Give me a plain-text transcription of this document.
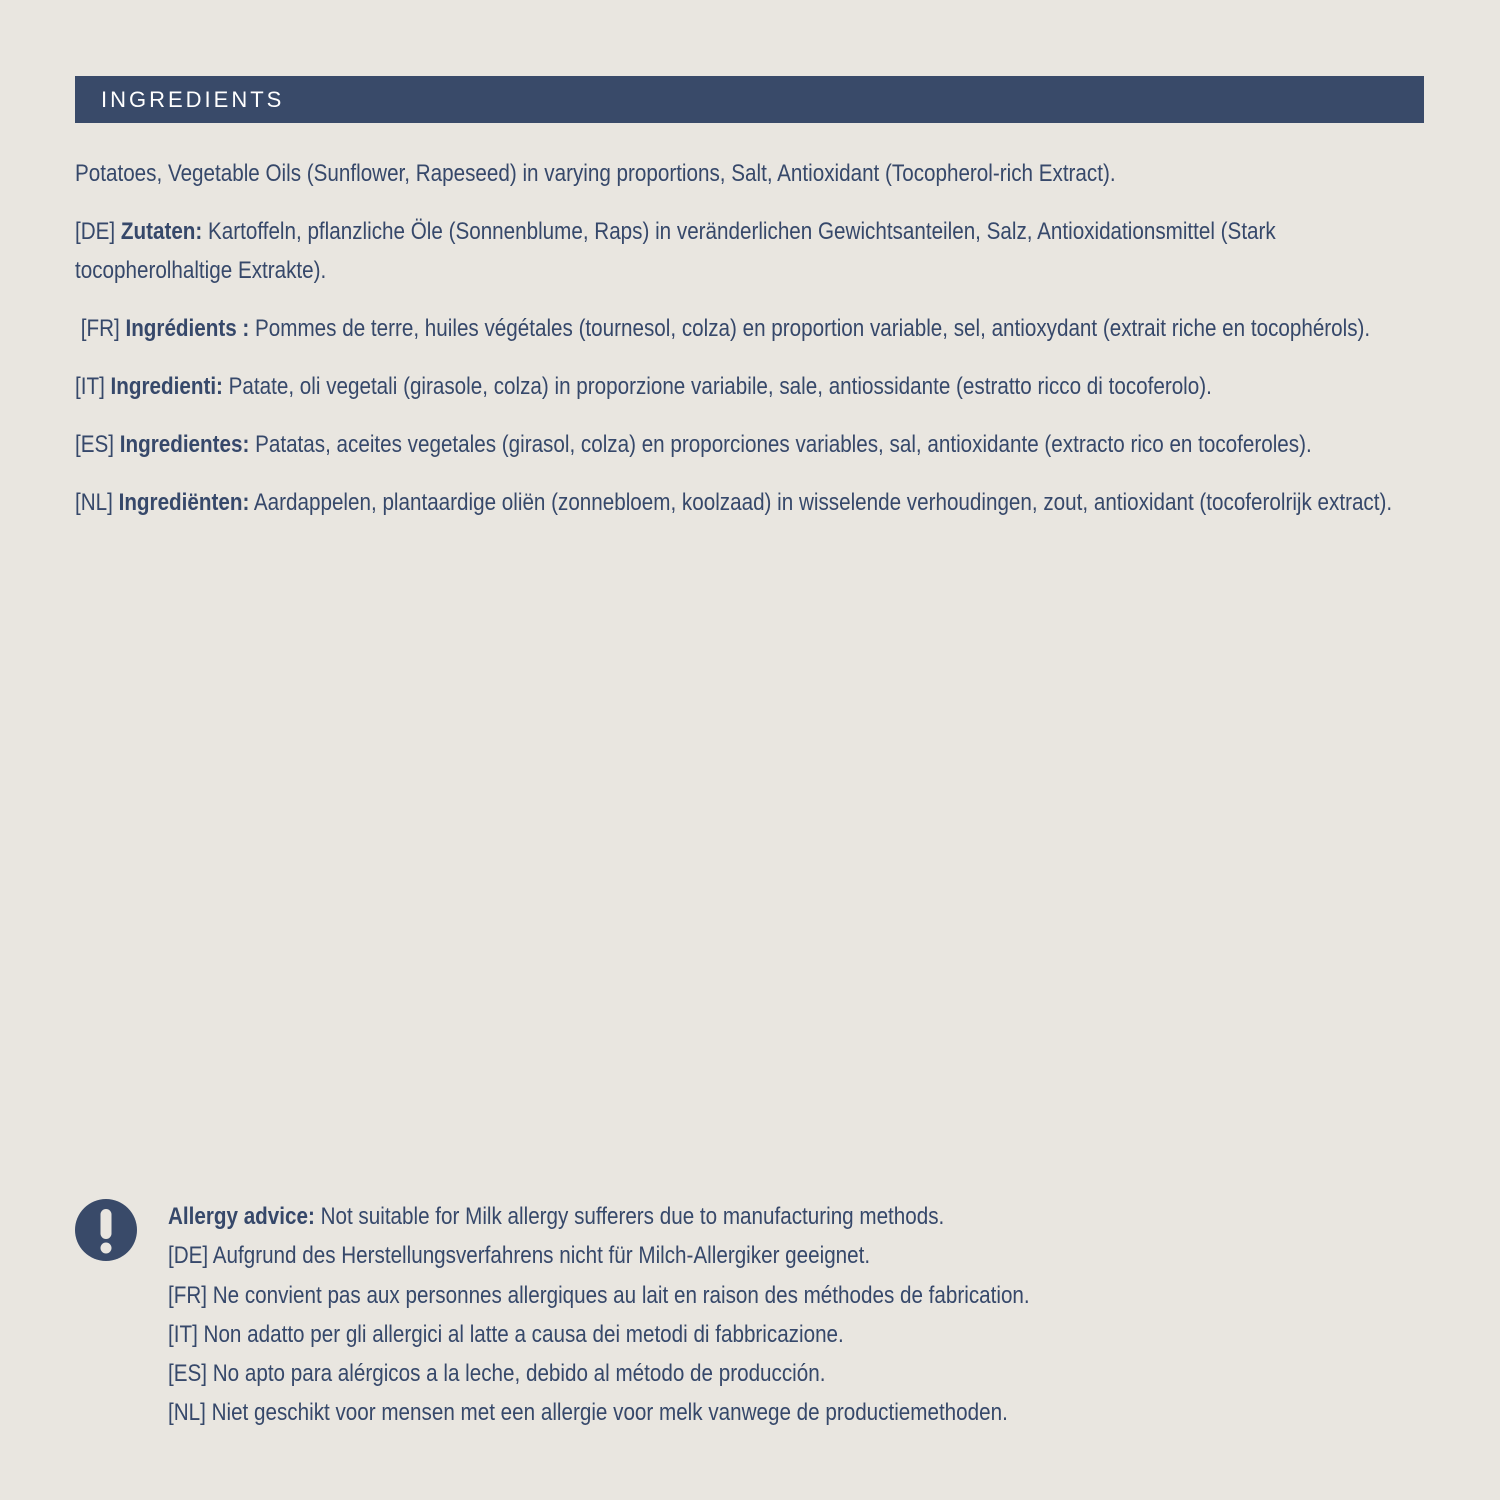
INGREDIENTS

Potatoes, Vegetable Oils (Sunflower, Rapeseed) in varying proportions, Salt, Antioxidant (Tocopherol-rich Extract).

[DE] Zutaten: Kartoffeln, pflanzliche Öle (Sonnenblume, Raps) in veränderlichen Gewichtsanteilen, Salz, Antioxidationsmittel (Stark tocopherolhaltige Extrakte).

[FR] Ingrédients : Pommes de terre, huiles végétales (tournesol, colza) en proportion variable, sel, antioxydant (extrait riche en tocophérols).

[IT] Ingredienti: Patate, oli vegetali (girasole, colza) in proporzione variabile, sale, antiossidante (estratto ricco di tocoferolo).

[ES] Ingredientes: Patatas, aceites vegetales (girasol, colza) en proporciones variables, sal, antioxidante (extracto rico en tocoferoles).

[NL] Ingrediënten: Aardappelen, plantaardige oliën (zonnebloem, koolzaad) in wisselende verhoudingen, zout, antioxidant (tocoferolrijk extract).

Allergy advice: Not suitable for Milk allergy sufferers due to manufacturing methods.
[DE] Aufgrund des Herstellungsverfahrens nicht für Milch-Allergiker geeignet.
[FR] Ne convient pas aux personnes allergiques au lait en raison des méthodes de fabrication.
[IT] Non adatto per gli allergici al latte a causa dei metodi di fabbricazione.
[ES] No apto para alérgicos a la leche, debido al método de producción.
[NL] Niet geschikt voor mensen met een allergie voor melk vanwege de productiemethoden.
